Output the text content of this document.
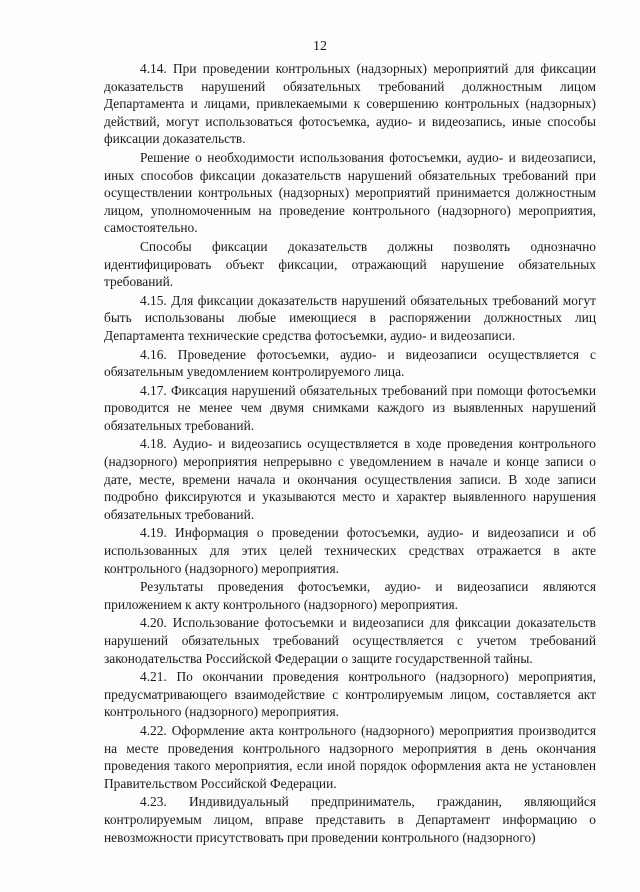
12

4.14. При проведении контрольных (надзорных) мероприятий для фиксации доказательств нарушений обязательных требований должностным лицом Департамента и лицами, привлекаемыми к совершению контрольных (надзорных) действий, могут использоваться фотосъемка, аудио- и видеозапись, иные способы фиксации доказательств.

Решение о необходимости использования фотосъемки, аудио- и видеозаписи, иных способов фиксации доказательств нарушений обязательных требований при осуществлении контрольных (надзорных) мероприятий принимается должностным лицом, уполномоченным на проведение контрольного (надзорного) мероприятия, самостоятельно.

Способы фиксации доказательств должны позволять однозначно идентифицировать объект фиксации, отражающий нарушение обязательных требований.

4.15. Для фиксации доказательств нарушений обязательных требований могут быть использованы любые имеющиеся в распоряжении должностных лиц Департамента технические средства фотосъемки, аудио- и видеозаписи.

4.16. Проведение фотосъемки, аудио- и видеозаписи осуществляется с обязательным уведомлением контролируемого лица.

4.17. Фиксация нарушений обязательных требований при помощи фотосъемки проводится не менее чем двумя снимками каждого из выявленных нарушений обязательных требований.

4.18. Аудио- и видеозапись осуществляется в ходе проведения контрольного (надзорного) мероприятия непрерывно с уведомлением в начале и конце записи о дате, месте, времени начала и окончания осуществления записи. В ходе записи подробно фиксируются и указываются место и характер выявленного нарушения обязательных требований.

4.19. Информация о проведении фотосъемки, аудио- и видеозаписи и об использованных для этих целей технических средствах отражается в акте контрольного (надзорного) мероприятия.

Результаты проведения фотосъемки, аудио- и видеозаписи являются приложением к акту контрольного (надзорного) мероприятия.

4.20. Использование фотосъемки и видеозаписи для фиксации доказательств нарушений обязательных требований осуществляется с учетом требований законодательства Российской Федерации о защите государственной тайны.

4.21. По окончании проведения контрольного (надзорного) мероприятия, предусматривающего взаимодействие с контролируемым лицом, составляется акт контрольного (надзорного) мероприятия.

4.22. Оформление акта контрольного (надзорного) мероприятия производится на месте проведения контрольного надзорного мероприятия в день окончания проведения такого мероприятия, если иной порядок оформления акта не установлен Правительством Российской Федерации.

4.23. Индивидуальный предприниматель, гражданин, являющийся контролируемым лицом, вправе представить в Департамент информацию о невозможности присутствовать при проведении контрольного (надзорного)
